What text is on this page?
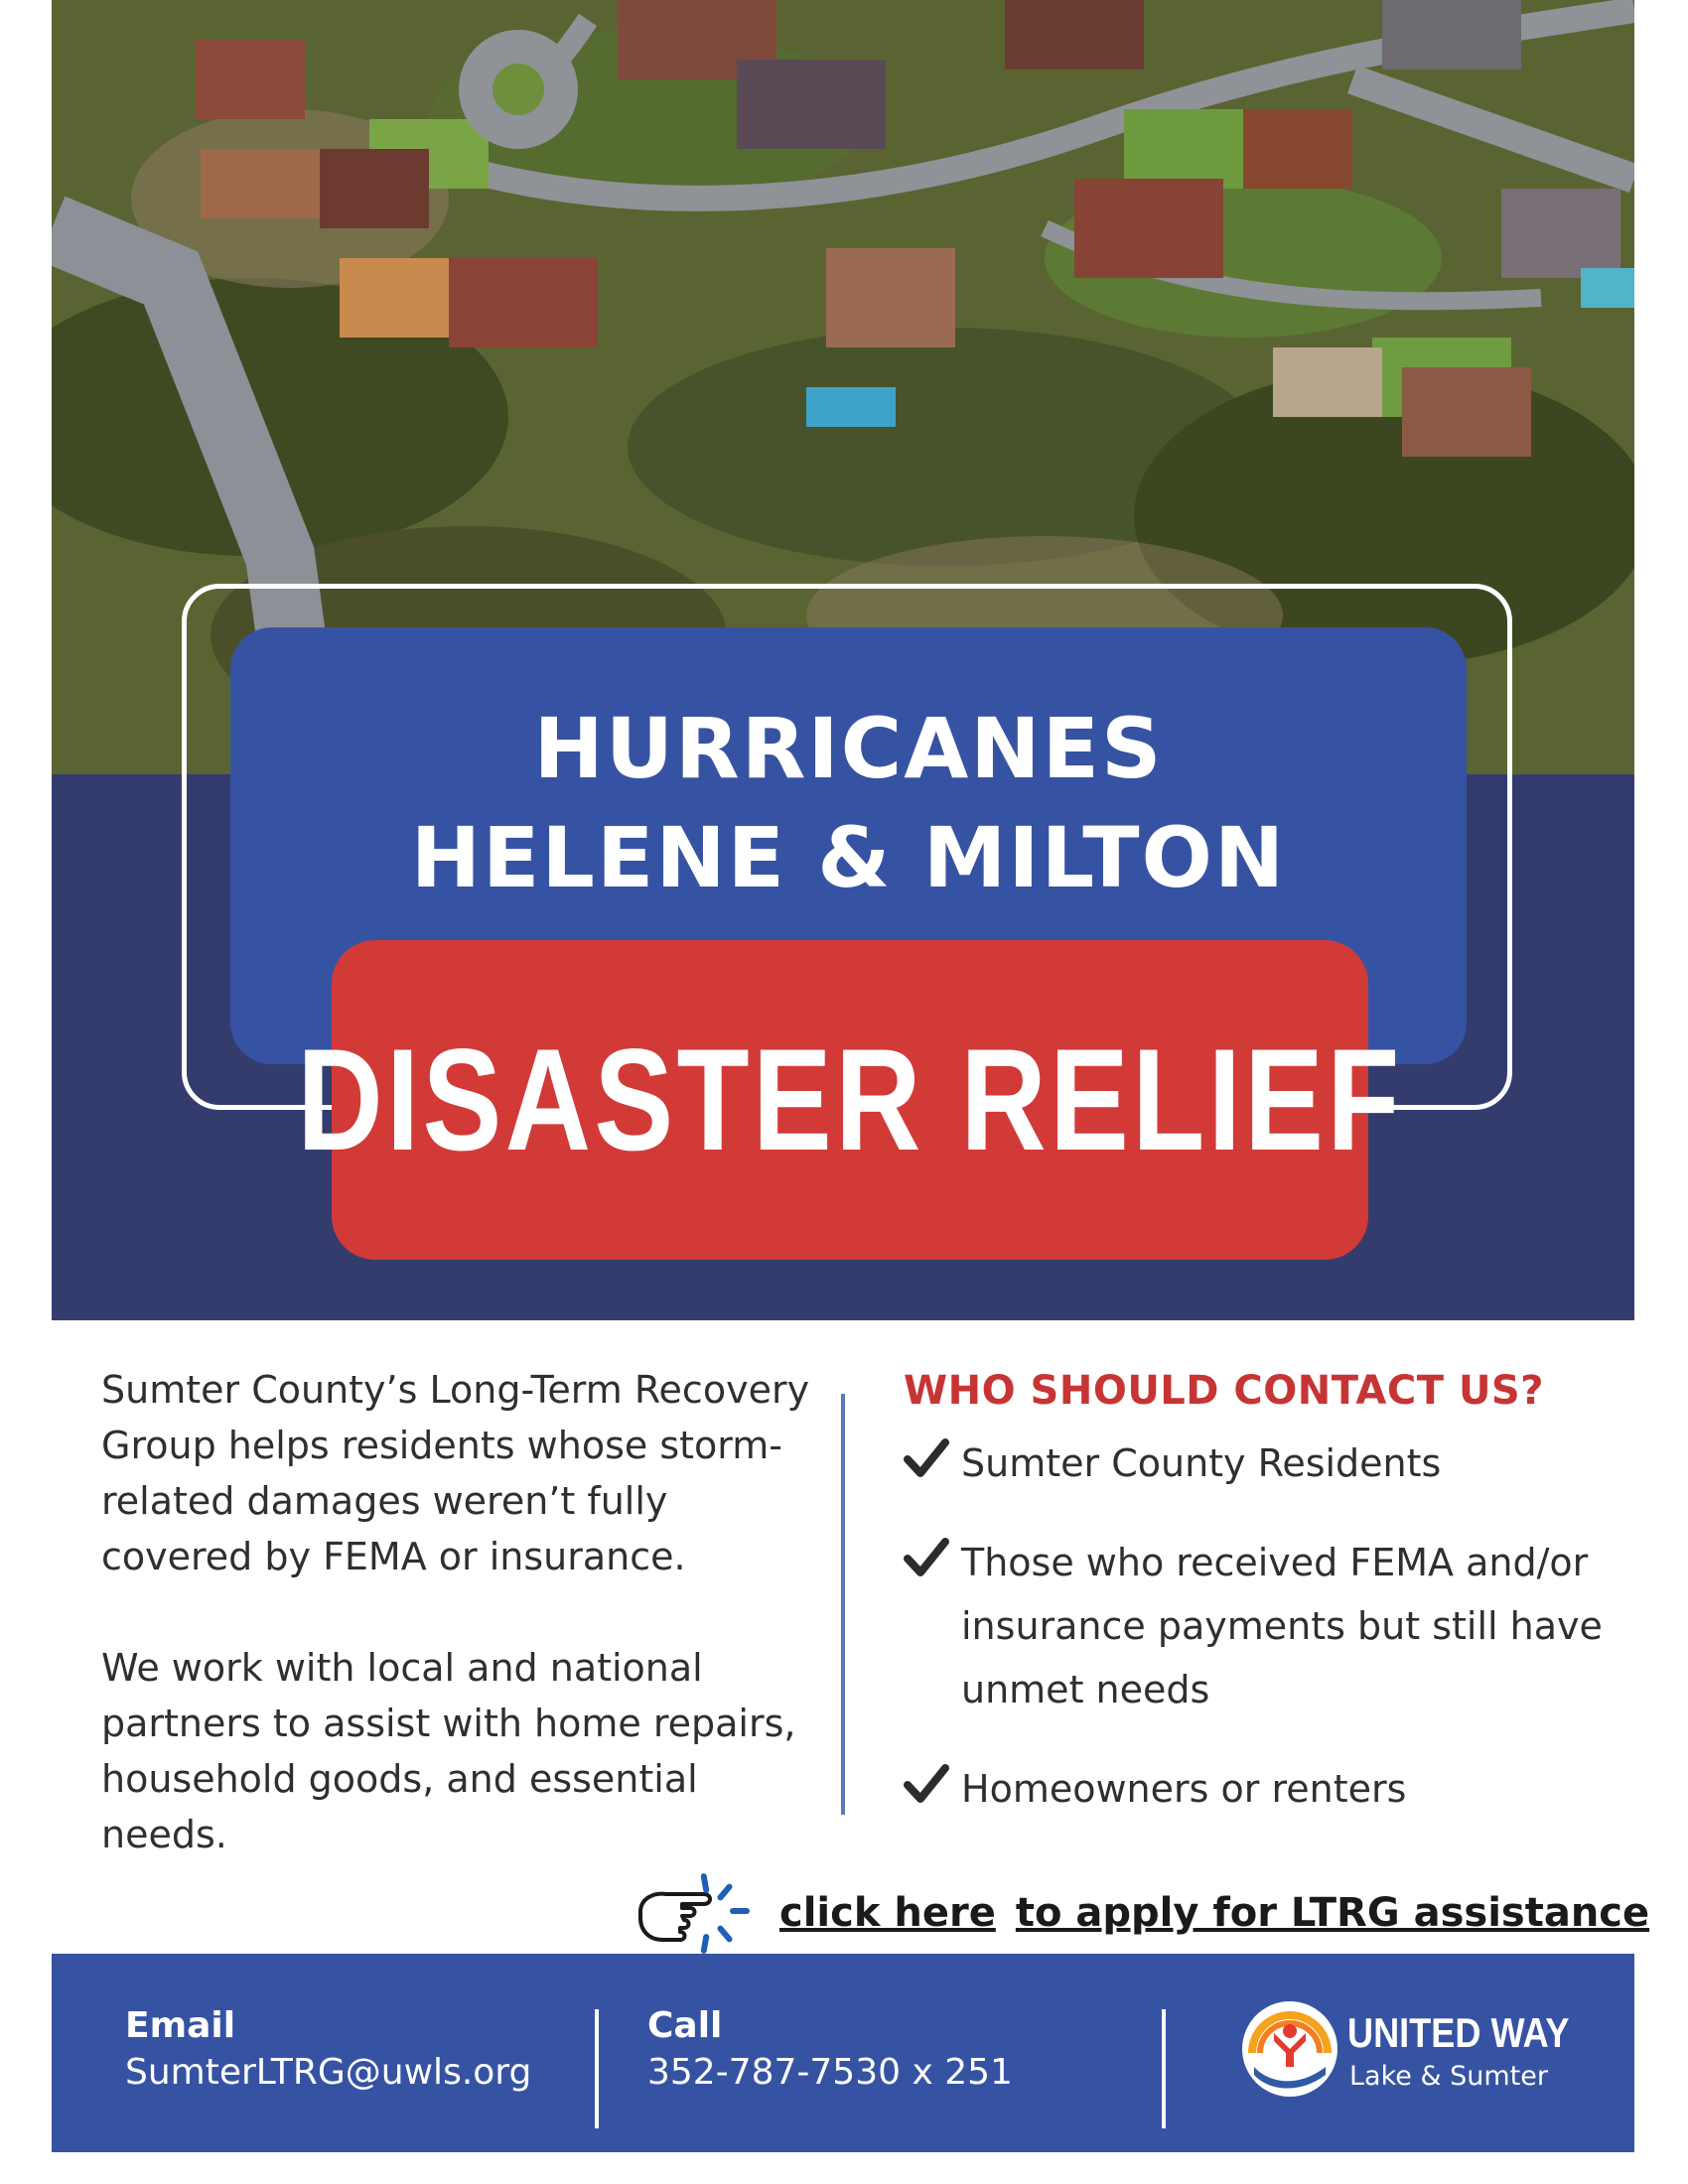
HURRICANES
HELENE & MILTON
DISASTER RELIEF

Sumter County’s Long-Term Recovery Group helps residents whose storm-related damages weren’t fully covered by FEMA or insurance.

We work with local and national partners to assist with home repairs, household goods, and essential needs.

WHO SHOULD CONTACT US?
Sumter County Residents
Those who received FEMA and/or insurance payments but still have unmet needs
Homeowners or renters
click here to apply for LTRG assistance
Email
SumterLTRG@uwls.org
Call
352-787-7530 x 251
UNITED WAY
Lake & Sumter
